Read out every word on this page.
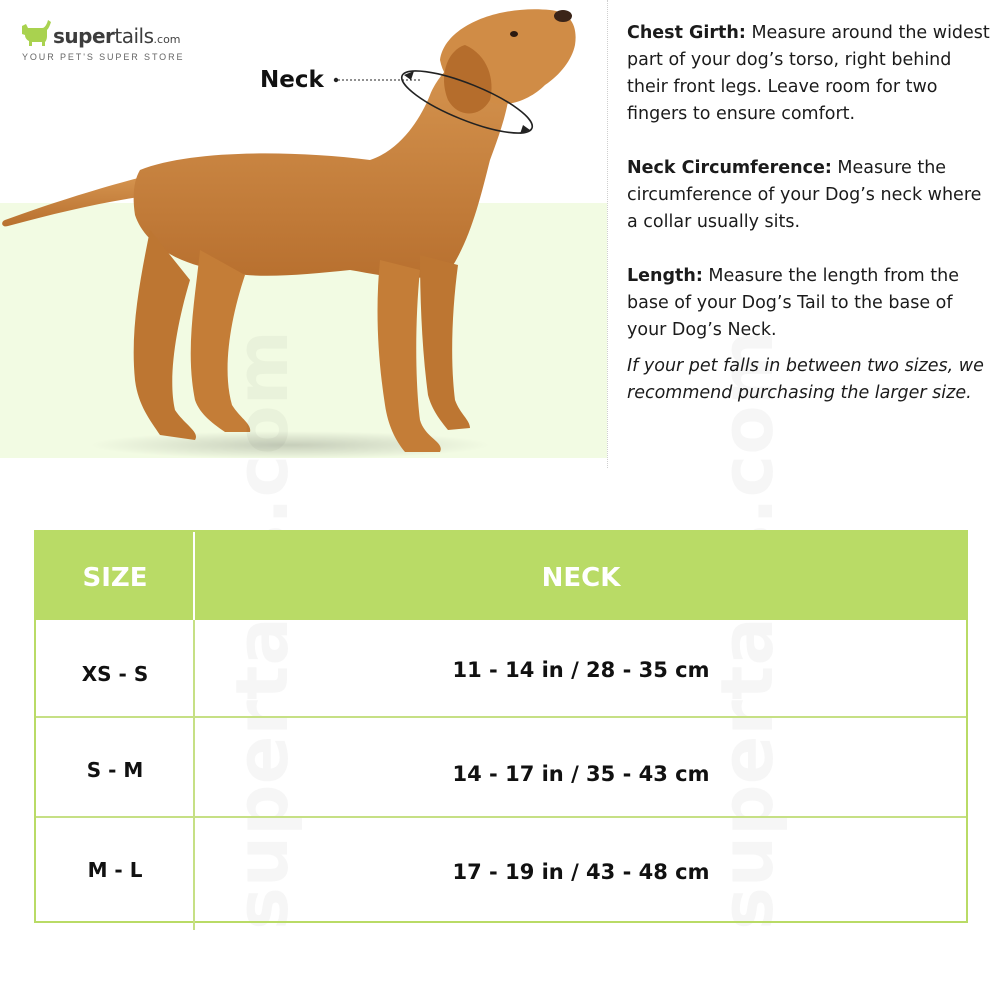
supertails.com
YOUR PET'S SUPER STORE
Neck

Chest Girth: Measure around the widest part of your dog’s torso, right behind their front legs. Leave room for two fingers to ensure comfort.

Neck Circumference: Measure the circumference of your Dog’s neck where a collar usually sits.

Length: Measure the length from the base of your Dog’s Tail to the base of your Dog’s Neck.

If your pet falls in between two sizes, we recommend purchasing the larger size.

SIZE	NECK
XS - S	11 - 14 in / 28 - 35 cm
S - M	14 - 17 in / 35 - 43 cm
M - L	17 - 19 in / 43 - 48 cm
